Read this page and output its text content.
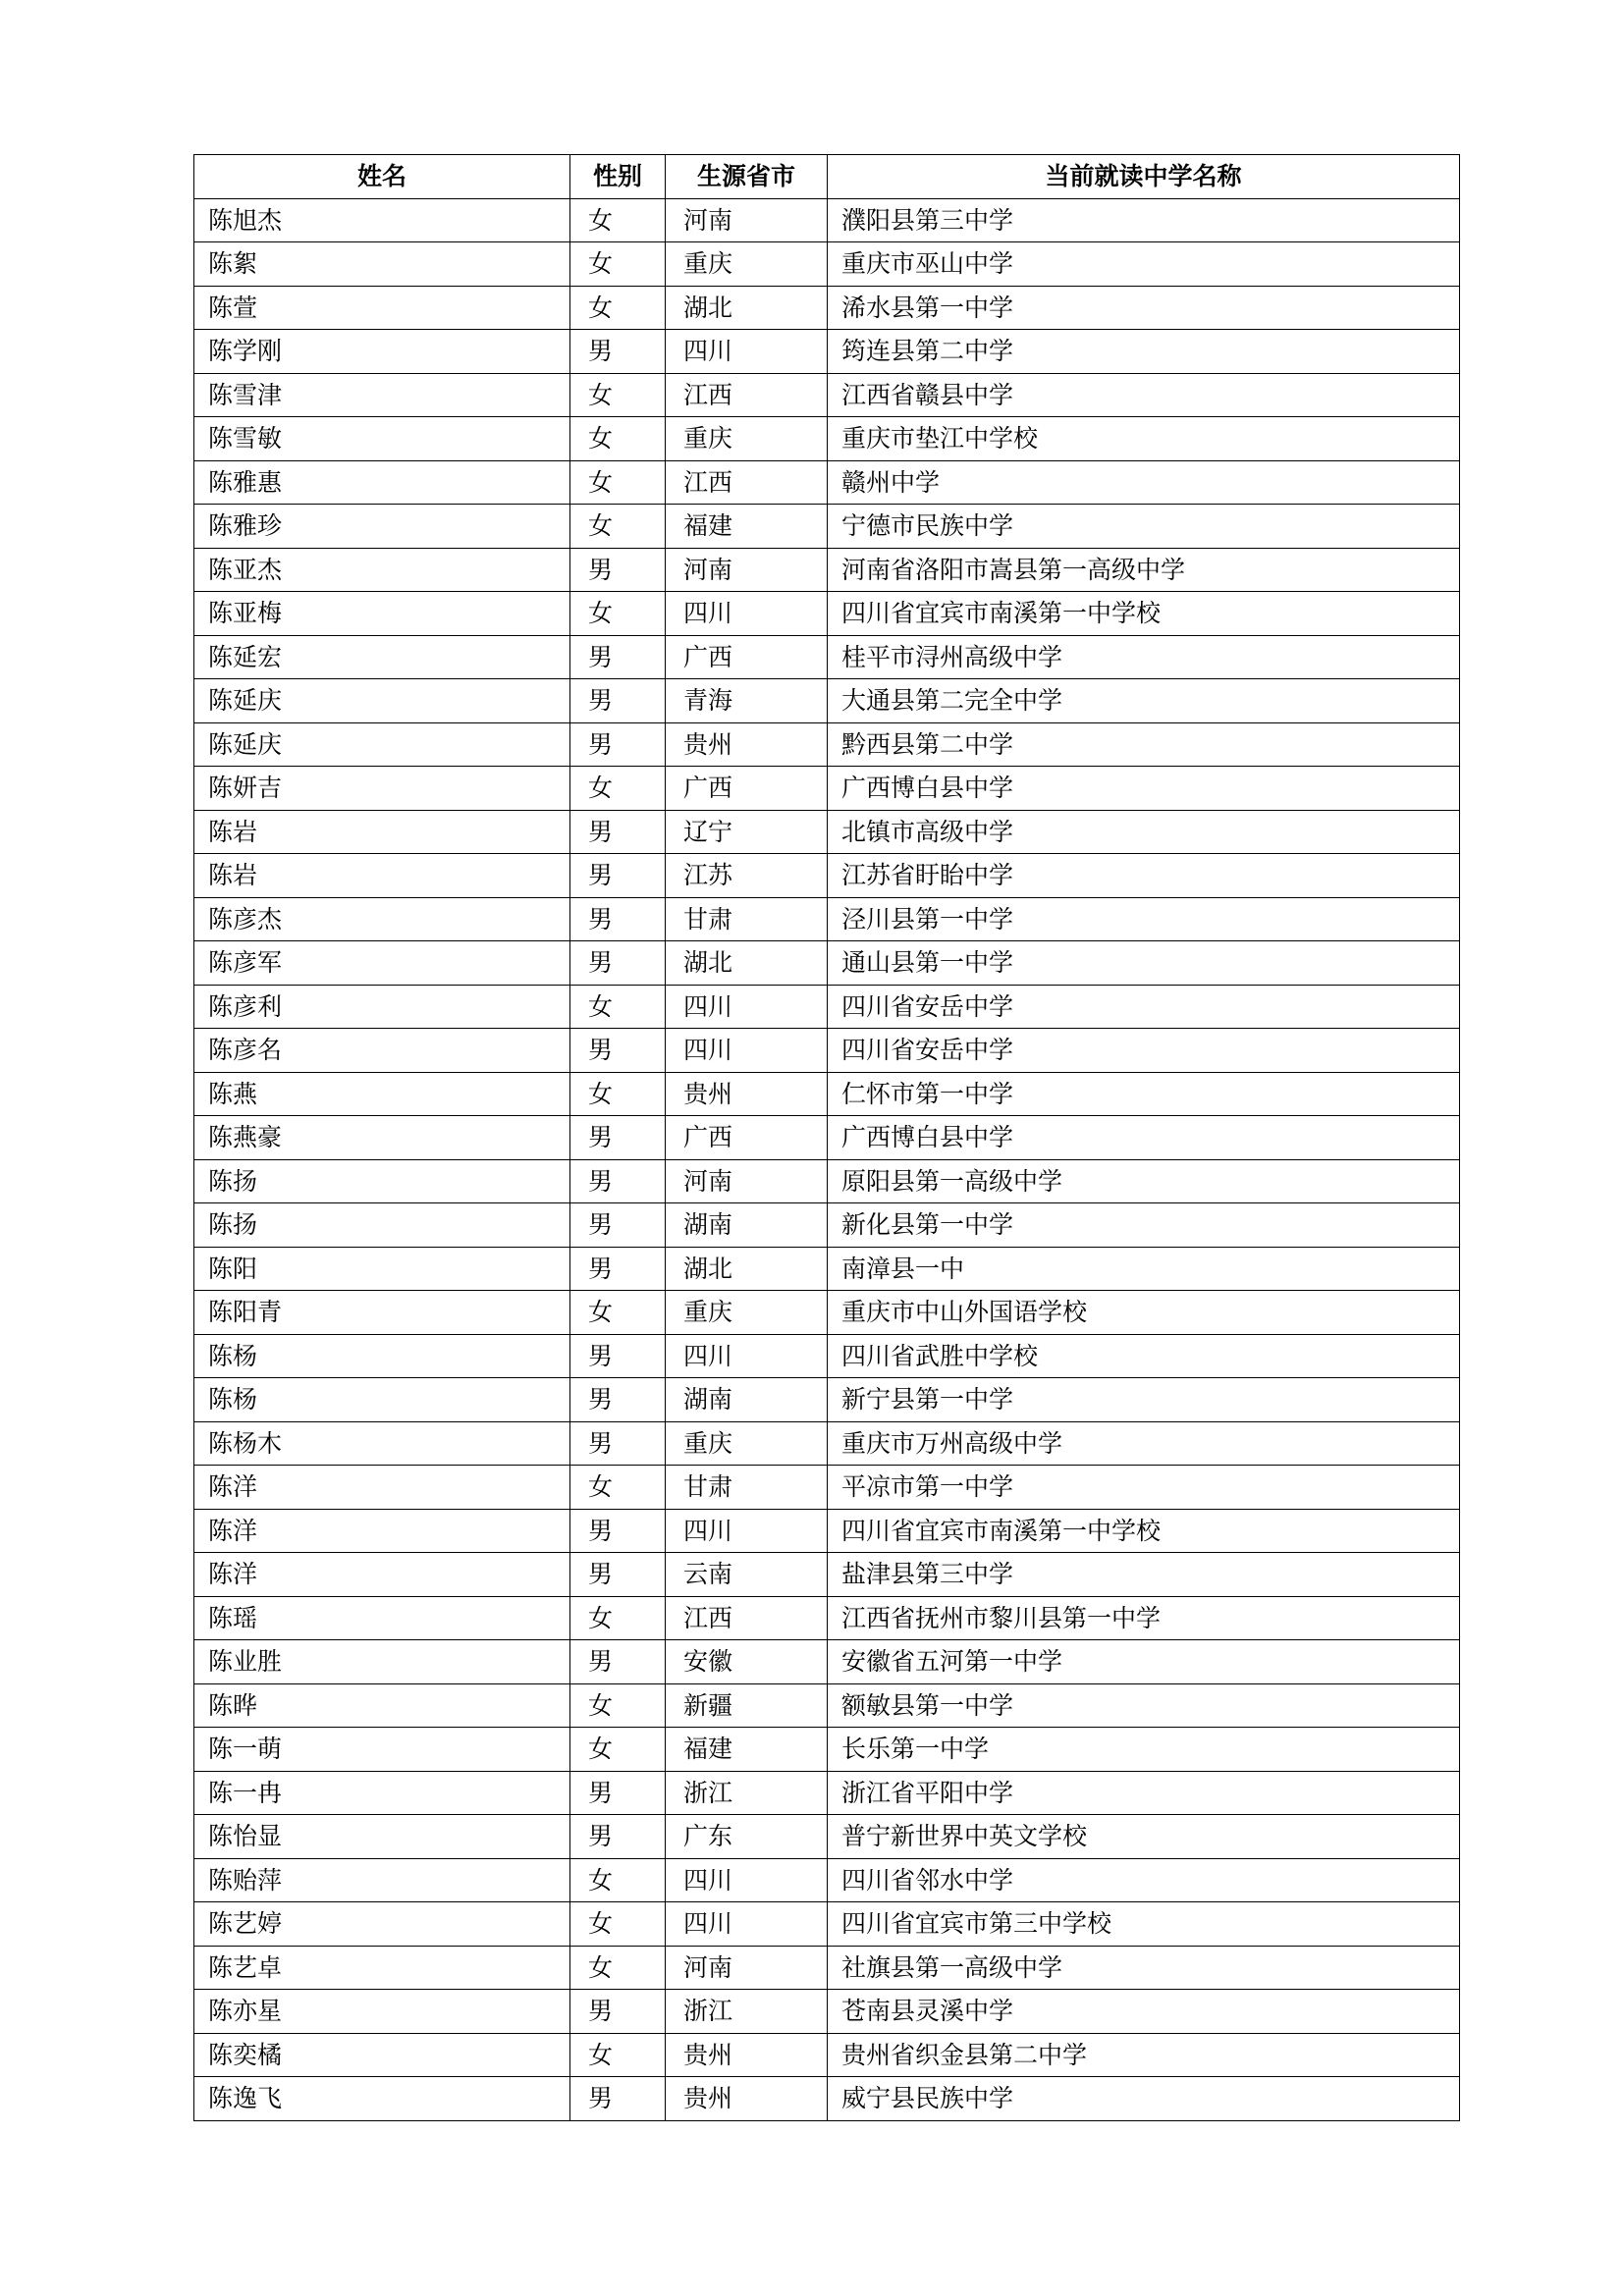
姓名	性别	生源省市	当前就读中学名称
陈旭杰	女	河南	濮阳县第三中学
陈絮	女	重庆	重庆市巫山中学
陈萱	女	湖北	浠水县第一中学
陈学刚	男	四川	筠连县第二中学
陈雪津	女	江西	江西省赣县中学
陈雪敏	女	重庆	重庆市垫江中学校
陈雅惠	女	江西	赣州中学
陈雅珍	女	福建	宁德市民族中学
陈亚杰	男	河南	河南省洛阳市嵩县第一高级中学
陈亚梅	女	四川	四川省宜宾市南溪第一中学校
陈延宏	男	广西	桂平市浔州高级中学
陈延庆	男	青海	大通县第二完全中学
陈延庆	男	贵州	黔西县第二中学
陈妍吉	女	广西	广西博白县中学
陈岩	男	辽宁	北镇市高级中学
陈岩	男	江苏	江苏省盱眙中学
陈彦杰	男	甘肃	泾川县第一中学
陈彦军	男	湖北	通山县第一中学
陈彦利	女	四川	四川省安岳中学
陈彦名	男	四川	四川省安岳中学
陈燕	女	贵州	仁怀市第一中学
陈燕豪	男	广西	广西博白县中学
陈扬	男	河南	原阳县第一高级中学
陈扬	男	湖南	新化县第一中学
陈阳	男	湖北	南漳县一中
陈阳青	女	重庆	重庆市中山外国语学校
陈杨	男	四川	四川省武胜中学校
陈杨	男	湖南	新宁县第一中学
陈杨木	男	重庆	重庆市万州高级中学
陈洋	女	甘肃	平凉市第一中学
陈洋	男	四川	四川省宜宾市南溪第一中学校
陈洋	男	云南	盐津县第三中学
陈瑶	女	江西	江西省抚州市黎川县第一中学
陈业胜	男	安徽	安徽省五河第一中学
陈晔	女	新疆	额敏县第一中学
陈一萌	女	福建	长乐第一中学
陈一冉	男	浙江	浙江省平阳中学
陈怡显	男	广东	普宁新世界中英文学校
陈贻萍	女	四川	四川省邻水中学
陈艺婷	女	四川	四川省宜宾市第三中学校
陈艺卓	女	河南	社旗县第一高级中学
陈亦星	男	浙江	苍南县灵溪中学
陈奕橘	女	贵州	贵州省织金县第二中学
陈逸飞	男	贵州	威宁县民族中学
